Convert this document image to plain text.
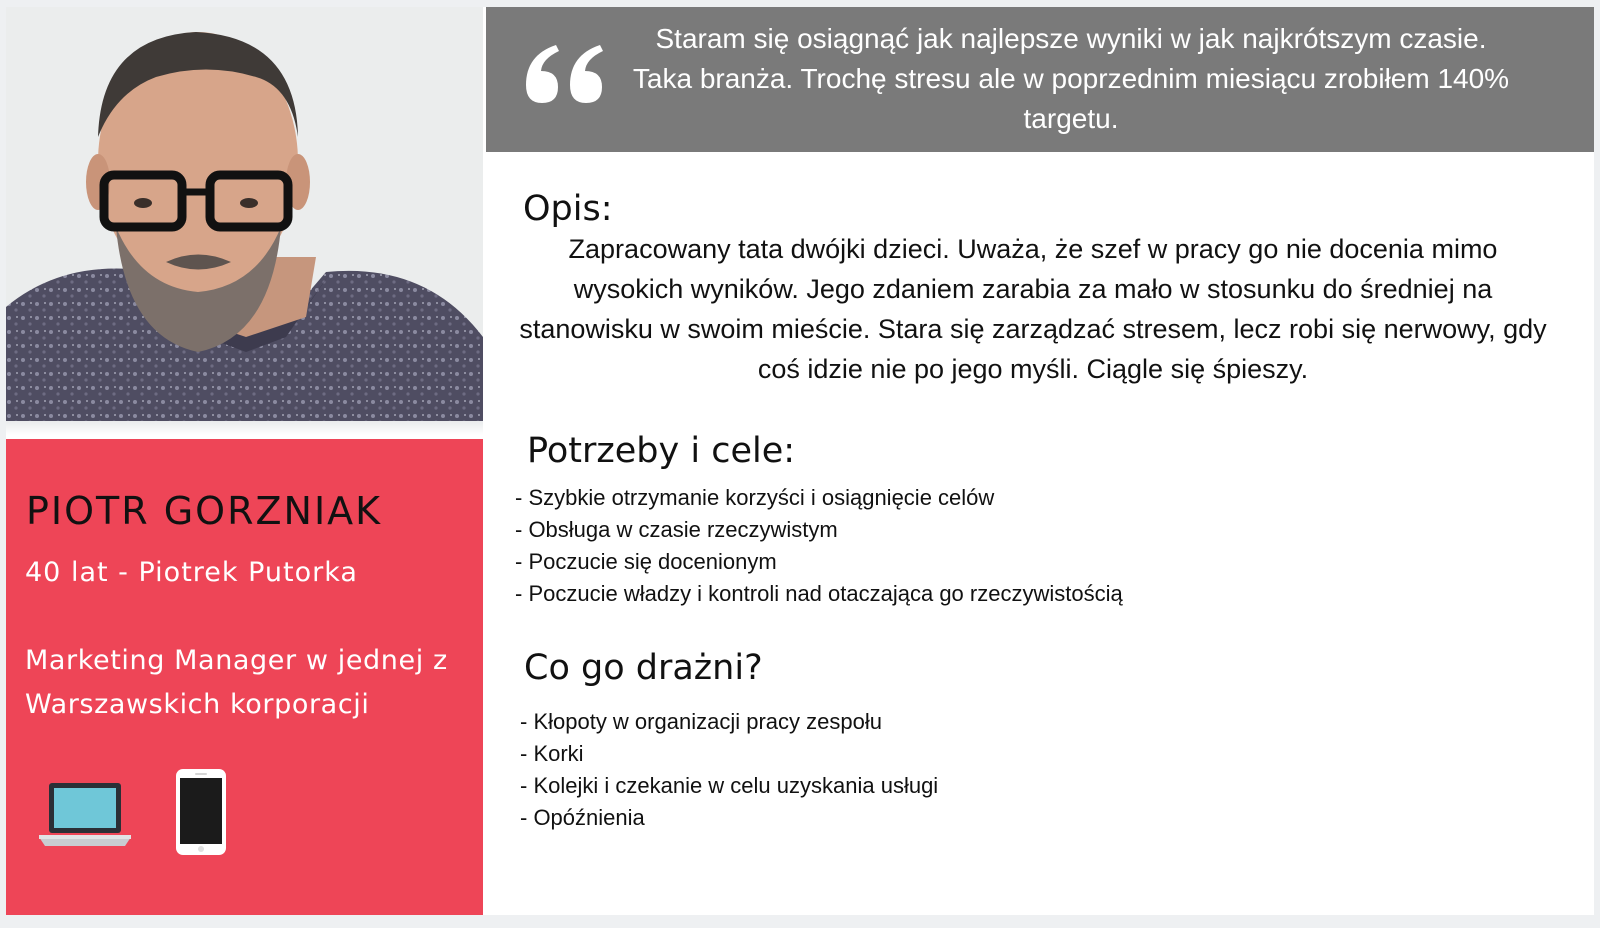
PIOTR GORZNIAK

40 lat - Piotrek Putorka

Marketing Manager w jednej z Warszawskich korporacji

Staram się osiągnąć jak najlepsze wyniki w jak najkrótszym czasie. Taka branża. Trochę stresu ale w poprzednim miesiącu zrobiłem 140% targetu.

Opis:

Zapracowany tata dwójki dzieci. Uważa, że szef w pracy go nie docenia mimo wysokich wyników. Jego zdaniem zarabia za mało w stosunku do średniej na stanowisku w swoim mieście. Stara się zarządzać stresem, lecz robi się nerwowy, gdy coś idzie nie po jego myśli. Ciągle się śpieszy.

Potrzeby i cele:
- Szybkie otrzymanie korzyści i osiągnięcie celów
- Obsługa w czasie rzeczywistym
- Poczucie się docenionym
- Poczucie władzy i kontroli nad otaczająca go rzeczywistością
Co go drażni?
- Kłopoty w organizacji pracy zespołu
- Korki
- Kolejki i czekanie w celu uzyskania usługi
- Opóźnienia
